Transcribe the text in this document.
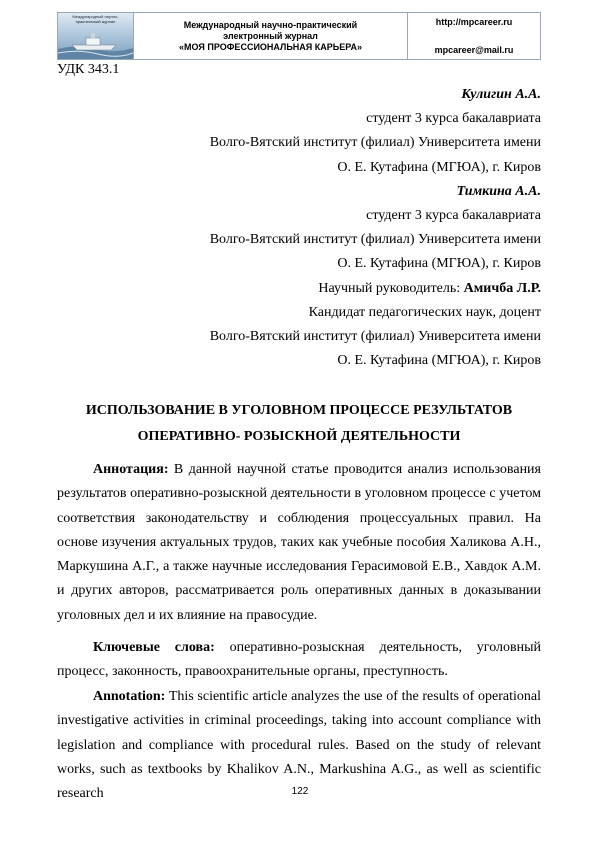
Международный научно-практический журнал	Международный научно-практический
электронный журнал
«МОЯ ПРОФЕССИОНАЛЬНАЯ КАРЬЕРА»
http://mpcareer.ru
mpcareer@mail.ru
УДК 343.1
Кулигин А.А.
студент 3 курса бакалавриата
Волго-Вятский институт (филиал) Университета имени
О. Е. Кутафина (МГЮА), г. Киров
Тимкина А.А.
студент 3 курса бакалавриата
Волго-Вятский институт (филиал) Университета имени
О. Е. Кутафина (МГЮА), г. Киров
Научный руководитель: Амичба Л.Р.
Кандидат педагогических наук, доцент
Волго-Вятский институт (филиал) Университета имени
О. Е. Кутафина (МГЮА), г. Киров
ИСПОЛЬЗОВАНИЕ В УГОЛОВНОМ ПРОЦЕССЕ РЕЗУЛЬТАТОВ
ОПЕРАТИВНО- РОЗЫСКНОЙ ДЕЯТЕЛЬНОСТИ

Аннотация: В данной научной статье проводится анализ использования результатов оперативно-розыскной деятельности в уголовном процессе с учетом соответствия законодательству и соблюдения процессуальных правил. На основе изучения актуальных трудов, таких как учебные пособия Халикова А.Н., Маркушина А.Г., а также научные исследования Герасимовой Е.В., Хавдок А.М. и других авторов, рассматривается роль оперативных данных в доказывании уголовных дел и их влияние на правосудие.

Ключевые слова: оперативно-розыскная деятельность, уголовный процесс, законность, правоохранительные органы, преступность.

Annotation: This scientific article analyzes the use of the results of operational investigative activities in criminal proceedings, taking into account compliance with legislation and compliance with procedural rules. Based on the study of relevant works, such as textbooks by Khalikov A.N., Markushina A.G., as well as scientific research	122
